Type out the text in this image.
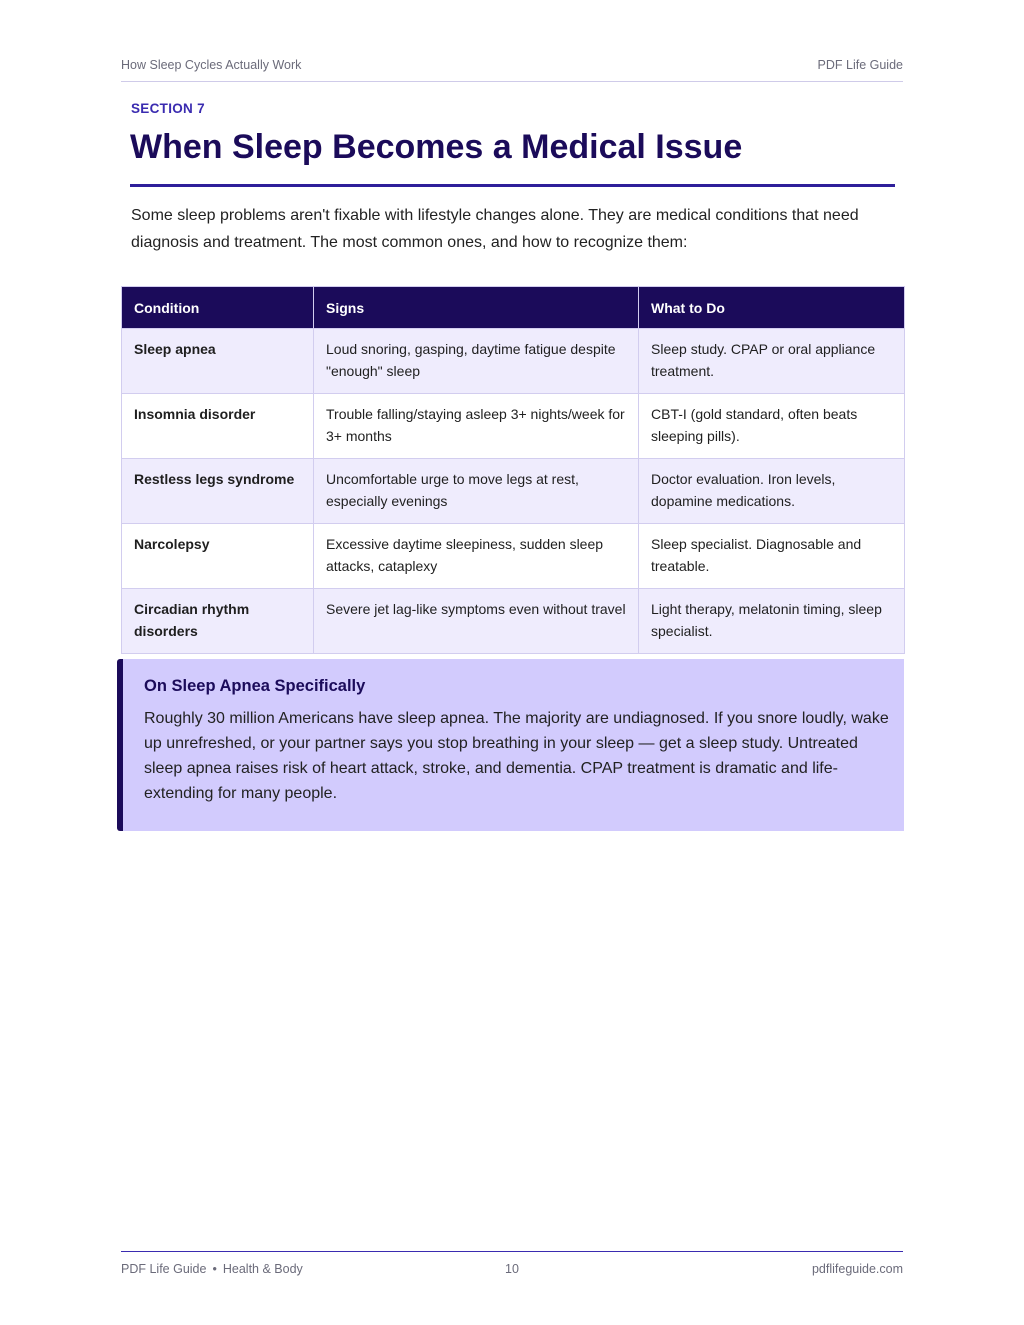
How Sleep Cycles Actually Work	PDF Life Guide
SECTION 7
When Sleep Becomes a Medical Issue

Some sleep problems aren't fixable with lifestyle changes alone. They are medical conditions that need diagnosis and treatment. The most common ones, and how to recognize them:

Condition	Signs	What to Do
Sleep apnea	Loud snoring, gasping, daytime fatigue despite "enough" sleep	Sleep study. CPAP or oral appliance treatment.
Insomnia disorder	Trouble falling/staying asleep 3+ nights/week for 3+ months	CBT-I (gold standard, often beats sleeping pills).
Restless legs syndrome	Uncomfortable urge to move legs at rest, especially evenings	Doctor evaluation. Iron levels, dopamine medications.
Narcolepsy	Excessive daytime sleepiness, sudden sleep attacks, cataplexy	Sleep specialist. Diagnosable and treatable.
Circadian rhythm disorders	Severe jet lag-like symptoms even without travel	Light therapy, melatonin timing, sleep specialist.
On Sleep Apnea Specifically

Roughly 30 million Americans have sleep apnea. The majority are undiagnosed. If you snore loudly, wake up unrefreshed, or your partner says you stop breathing in your sleep — get a sleep study. Untreated sleep apnea raises risk of heart attack, stroke, and dementia. CPAP treatment is dramatic and life-extending for many people.

PDF Life Guide • Health & Body	10	pdflifeguide.com
